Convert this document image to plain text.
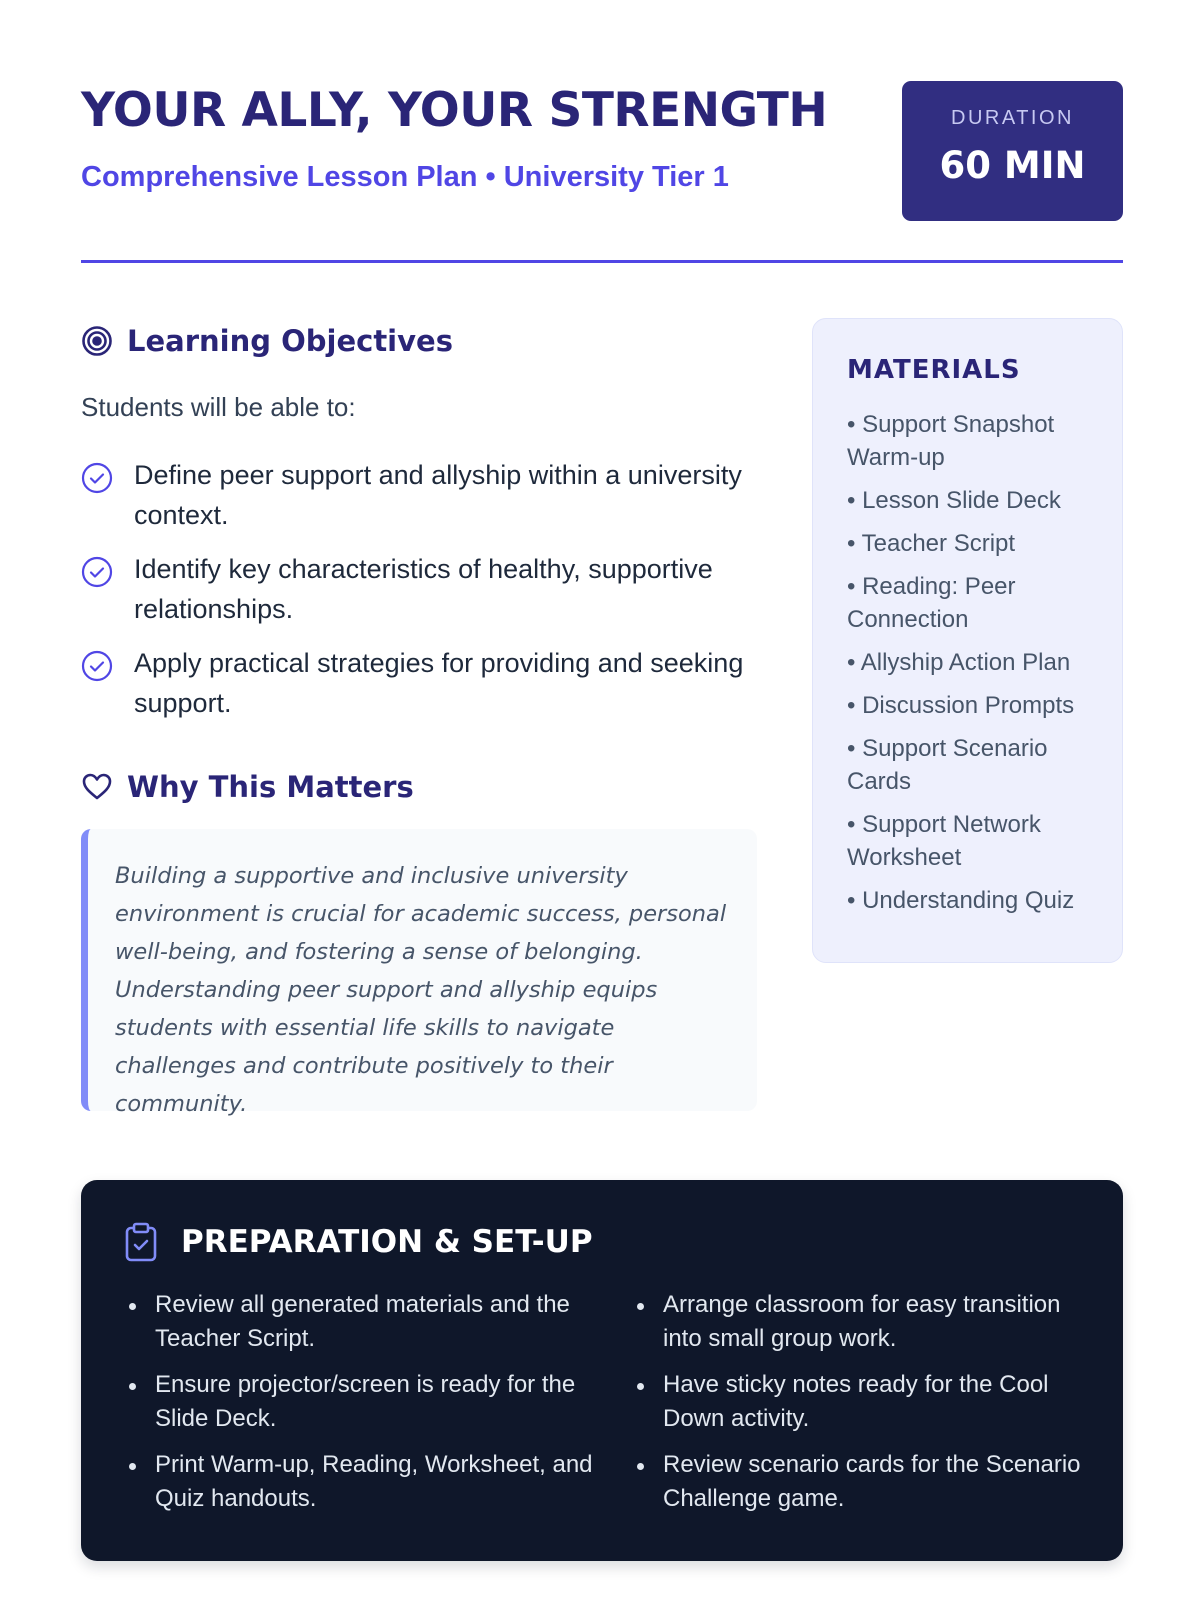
YOUR ALLY, YOUR STRENGTH
Comprehensive Lesson Plan • University Tier 1
DURATION
60 MIN
Learning Objectives
Students will be able to:
Define peer support and allyship within a university context.
Identify key characteristics of healthy, supportive relationships.
Apply practical strategies for providing and seeking support.
Why This Matters

Building a supportive and inclusive university environment is crucial for academic success, personal well-being, and fostering a sense of belonging. Understanding peer support and allyship equips students with essential life skills to navigate challenges and contribute positively to their community.

MATERIALS
• Support Snapshot Warm-up
• Lesson Slide Deck
• Teacher Script
• Reading: Peer Connection
• Allyship Action Plan
• Discussion Prompts
• Support Scenario Cards
• Support Network Worksheet
• Understanding Quiz
PREPARATION & SET-UP
Review all generated materials and the Teacher Script.
Ensure projector/screen is ready for the Slide Deck.
Print Warm-up, Reading, Worksheet, and Quiz handouts.
Arrange classroom for easy transition into small group work.
Have sticky notes ready for the Cool Down activity.
Review scenario cards for the Scenario Challenge game.
